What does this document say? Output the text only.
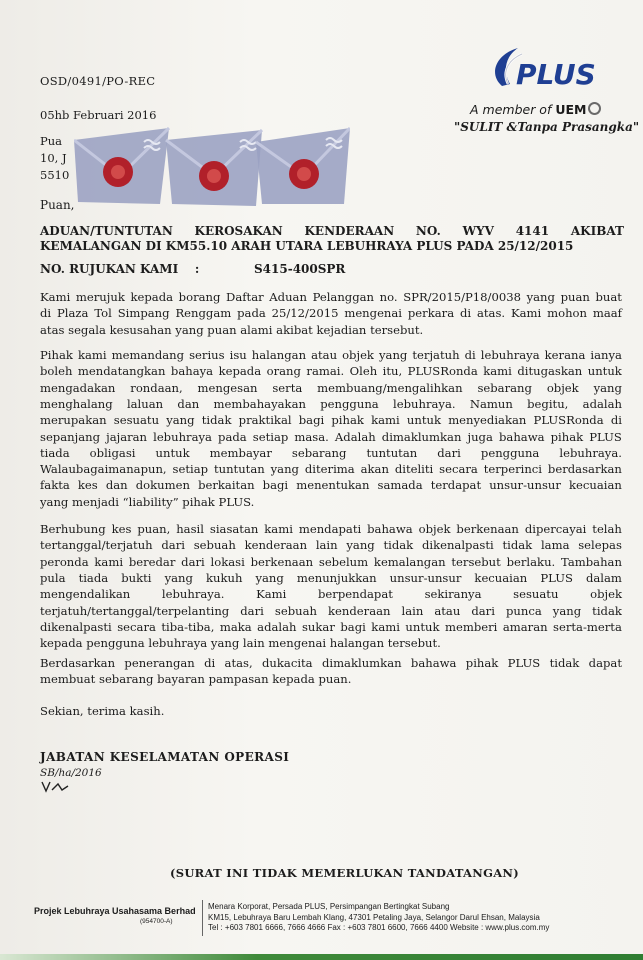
OSD/0491/PO-REC
05hb Februari 2016
Pua
10, J
5510
PLUS
A member of UEM
"SULIT &Tanpa Prasangka"
Puan,
ADUAN/TUNTUTAN KEROSAKAN KENDERAAN NO. WYV 4141 AKIBAT
KEMALANGAN DI KM55.10 ARAH UTARA LEBUHRAYA PLUS PADA 25/12/2015
NO. RUJUKAN KAMI    :	S415-400SPR
Kami merujuk kepada borang Daftar Aduan Pelanggan no. SPR/2015/P18/0038 yang puan buat
di Plaza Tol Simpang Renggam pada 25/12/2015 mengenai perkara di atas. Kami mohon maaf
atas segala kesusahan yang puan alami akibat kejadian tersebut.
Pihak kami memandang serius isu halangan atau objek yang terjatuh di lebuhraya kerana ianya
boleh mendatangkan bahaya kepada orang ramai. Oleh itu, PLUSRonda kami ditugaskan untuk
mengadakan rondaan, mengesan serta membuang/mengalihkan sebarang objek yang
menghalang laluan dan membahayakan pengguna lebuhraya. Namun begitu, adalah
merupakan sesuatu yang tidak praktikal bagi pihak kami untuk menyediakan PLUSRonda di
sepanjang jajaran lebuhraya pada setiap masa. Adalah dimaklumkan juga bahawa pihak PLUS
tiada obligasi untuk membayar sebarang tuntutan dari pengguna lebuhraya.
Walaubagaimanapun, setiap tuntutan yang diterima akan diteliti secara terperinci berdasarkan
fakta kes dan dokumen berkaitan bagi menentukan samada terdapat unsur-unsur kecuaian
yang menjadi “liability” pihak PLUS.
Berhubung kes puan, hasil siasatan kami mendapati bahawa objek berkenaan dipercayai telah
tertanggal/terjatuh dari sebuah kenderaan lain yang tidak dikenalpasti tidak lama selepas
peronda kami beredar dari lokasi berkenaan sebelum kemalangan tersebut berlaku. Tambahan
pula tiada bukti yang kukuh yang menunjukkan unsur-unsur kecuaian PLUS dalam
mengendalikan	lebuhraya.	Kami	berpendapat	sekiranya	sesuatu	objek
terjatuh/tertanggal/terpelanting dari sebuah kenderaan lain atau dari punca yang tidak
dikenalpasti secara tiba-tiba, maka adalah sukar bagi kami untuk memberi amaran serta-merta
kepada pengguna lebuhraya yang lain mengenai halangan tersebut.
Berdasarkan penerangan di atas, dukacita dimaklumkan bahawa pihak PLUS tidak dapat
membuat sebarang bayaran pampasan kepada puan.
Sekian, terima kasih.
JABATAN KESELAMATAN OPERASI
SB/ha/2016
(SURAT INI TIDAK MEMERLUKAN TANDATANGAN)
Projek Lebuhraya Usahasama Berhad
(954700-A)
Menara Korporat, Persada PLUS, Persimpangan Bertingkat Subang
KM15, Lebuhraya Baru Lembah Klang, 47301 Petaling Jaya, Selangor Darul Ehsan, Malaysia
Tel : +603 7801 6666, 7666 4666 Fax : +603 7801 6600, 7666 4400 Website : www.plus.com.my
